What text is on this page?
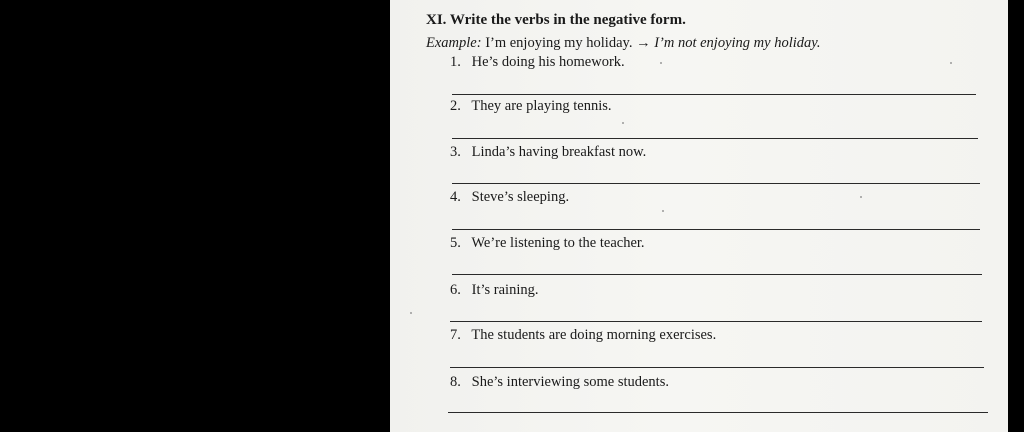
XI. Write the verbs in the negative form.
Example: I’m enjoying my holiday. → I’m not enjoying my holiday.
1. He’s doing his homework.
2. They are playing tennis.
3. Linda’s having breakfast now.
4. Steve’s sleeping.
5. We’re listening to the teacher.
6. It’s raining.
7. The students are doing morning exercises.
8. She’s interviewing some students.
